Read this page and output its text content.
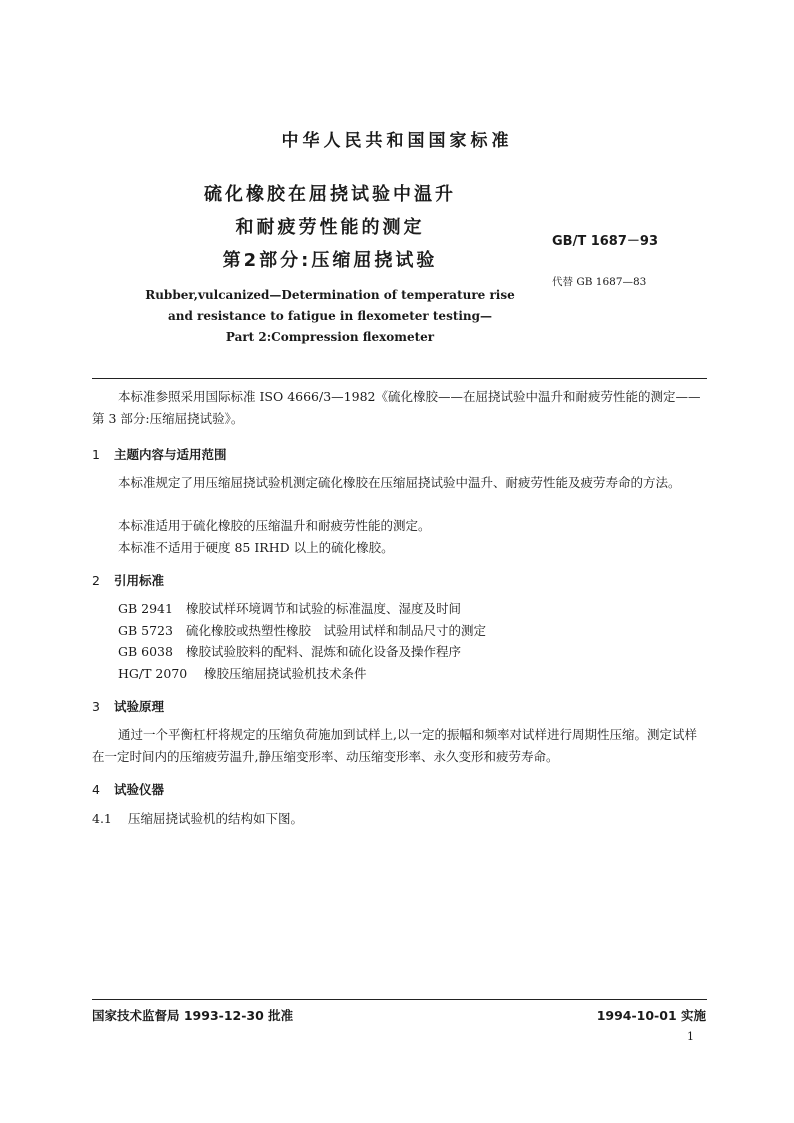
中华人民共和国国家标准
硫化橡胶在屈挠试验中温升
和耐疲劳性能的测定
第2部分:压缩屈挠试验
GB/T 1687－93
代替 GB 1687—83
Rubber,vulcanized—Determination of temperature rise
and resistance to fatigue in flexometer testing—
Part 2:Compression flexometer
本标准参照采用国际标准 ISO 4666/3—1982《硫化橡胶——在屈挠试验中温升和耐疲劳性能的测定——第 3 部分:压缩屈挠试验》。
1 主题内容与适用范围
本标准规定了用压缩屈挠试验机测定硫化橡胶在压缩屈挠试验中温升、耐疲劳性能及疲劳寿命的方法。
本标准适用于硫化橡胶的压缩温升和耐疲劳性能的测定。
本标准不适用于硬度 85 IRHD 以上的硫化橡胶。
2 引用标准
GB 2941 橡胶试样环境调节和试验的标准温度、湿度及时间
GB 5723 硫化橡胶或热塑性橡胶　试验用试样和制品尺寸的测定
GB 6038 橡胶试验胶料的配料、混炼和硫化设备及操作程序
HG/T 2070 橡胶压缩屈挠试验机技术条件
3 试验原理
通过一个平衡杠杆将规定的压缩负荷施加到试样上,以一定的振幅和频率对试样进行周期性压缩。测定试样在一定时间内的压缩疲劳温升,静压缩变形率、动压缩变形率、永久变形和疲劳寿命。
4 试验仪器
4.1 压缩屈挠试验机的结构如下图。
国家技术监督局 1993-12-30 批准	1994-10-01 实施
1
